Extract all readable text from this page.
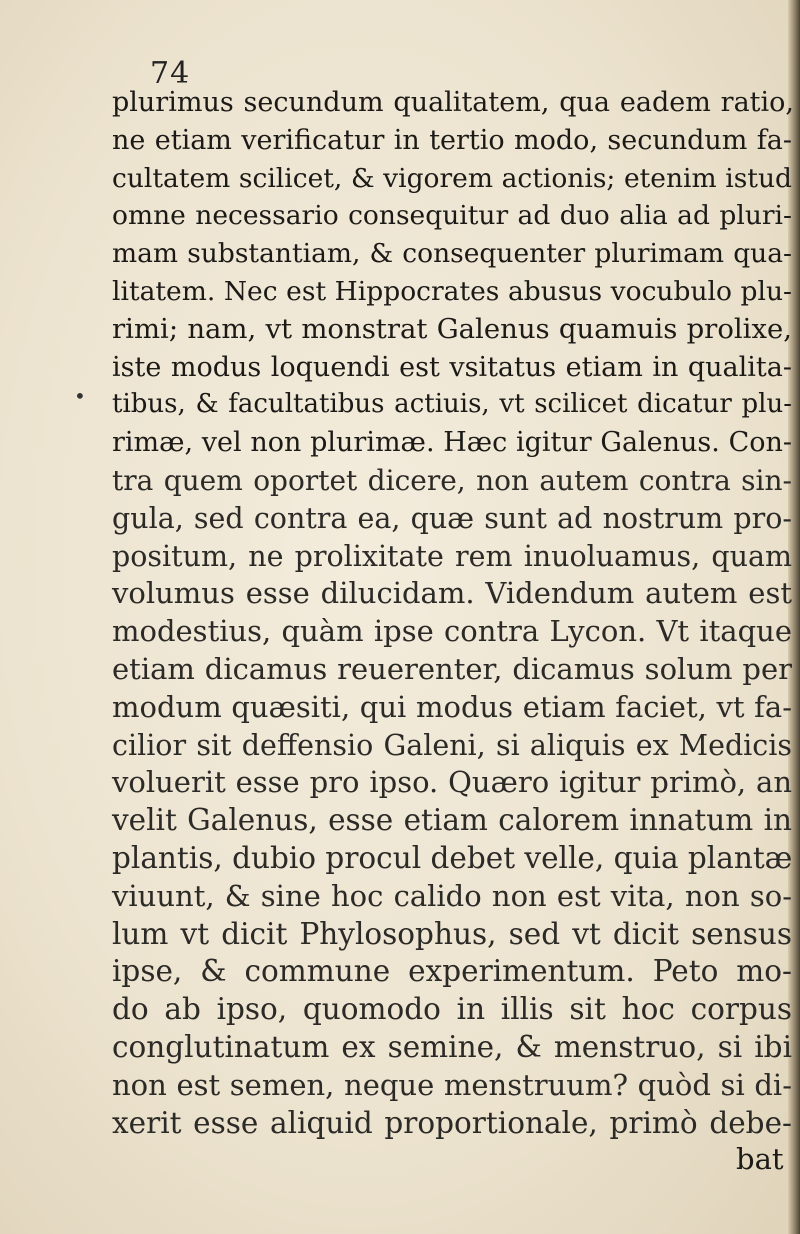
74
•
plurimus secundum qualitatem, qua eadem ratio,
ne etiam verificatur in tertio modo, secundum fa-
cultatem scilicet, & vigorem actionis; etenim istud
omne necessario consequitur ad duo alia ad pluri-
mam substantiam, & consequenter plurimam qua-
litatem. Nec est Hippocrates abusus vocubulo plu-
rimi; nam, vt monstrat Galenus quamuis prolixe,
iste modus loquendi est vsitatus etiam in qualita-
tibus, & facultatibus actiuis, vt scilicet dicatur plu-
rimæ, vel non plurimæ. Hæc igitur Galenus. Con-
tra quem oportet dicere, non autem contra sin-
gula, sed contra ea, quæ sunt ad nostrum pro-
positum, ne prolixitate rem inuoluamus, quam
volumus esse dilucidam. Videndum autem est
modestius, quàm ipse contra Lycon. Vt itaque
etiam dicamus reuerenter, dicamus solum per
modum quæsiti, qui modus etiam faciet, vt fa-
cilior sit deffensio Galeni, si aliquis ex Medicis
voluerit esse pro ipso. Quæro igitur primò, an
velit Galenus, esse etiam calorem innatum in
plantis, dubio procul debet velle, quia plantæ
viuunt, & sine hoc calido non est vita, non so-
lum vt dicit Phylosophus, sed vt dicit sensus
ipse, & commune experimentum. Peto mo-
do ab ipso, quomodo in illis sit hoc corpus
conglutinatum ex semine, & menstruo, si ibi
non est semen, neque menstruum? quòd si di-
xerit esse aliquid proportionale, primò debe-
bat
